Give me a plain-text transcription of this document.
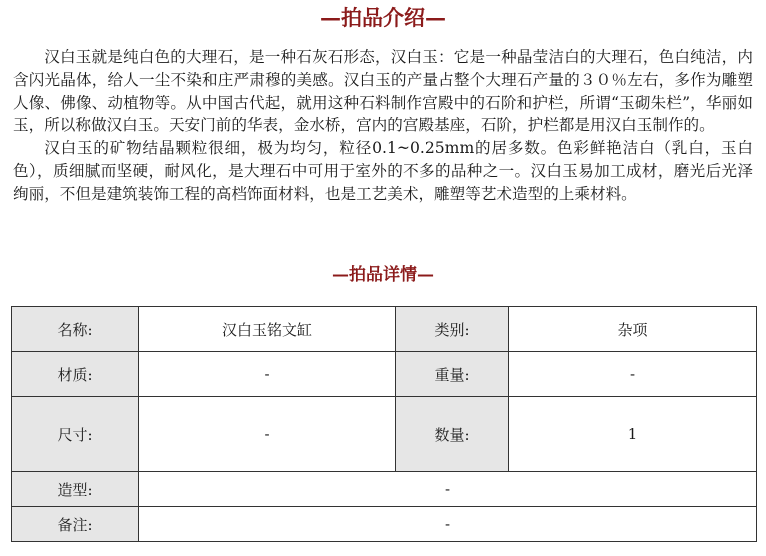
—拍品介绍—

汉白玉就是纯白色的大理石，是一种石灰石形态，汉白玉：它是一种晶莹洁白的大理石，色白纯洁，内含闪光晶体，给人一尘不染和庄严肃穆的美感。汉白玉的产量占整个大理石产量的３０％左右，多作为雕塑人像、佛像、动植物等。从中国古代起，就用这种石料制作宫殿中的石阶和护栏，所谓“玉砌朱栏”，华丽如玉，所以称做汉白玉。天安门前的华表，金水桥，宫内的宫殿基座，石阶，护栏都是用汉白玉制作的。

汉白玉的矿物结晶颗粒很细，极为均匀，粒径0.1~0.25mm的居多数。色彩鲜艳洁白（乳白，玉白色），质细腻而坚硬，耐风化，是大理石中可用于室外的不多的品种之一。汉白玉易加工成材，磨光后光泽绚丽，不但是建筑装饰工程的高档饰面材料，也是工艺美术，雕塑等艺术造型的上乘材料。

—拍品详情—
名称:	汉白玉铭文缸	类别:	杂项
材质:	-	重量:	-
尺寸:	-	数量:	1
造型:	-		
备注:	-		
